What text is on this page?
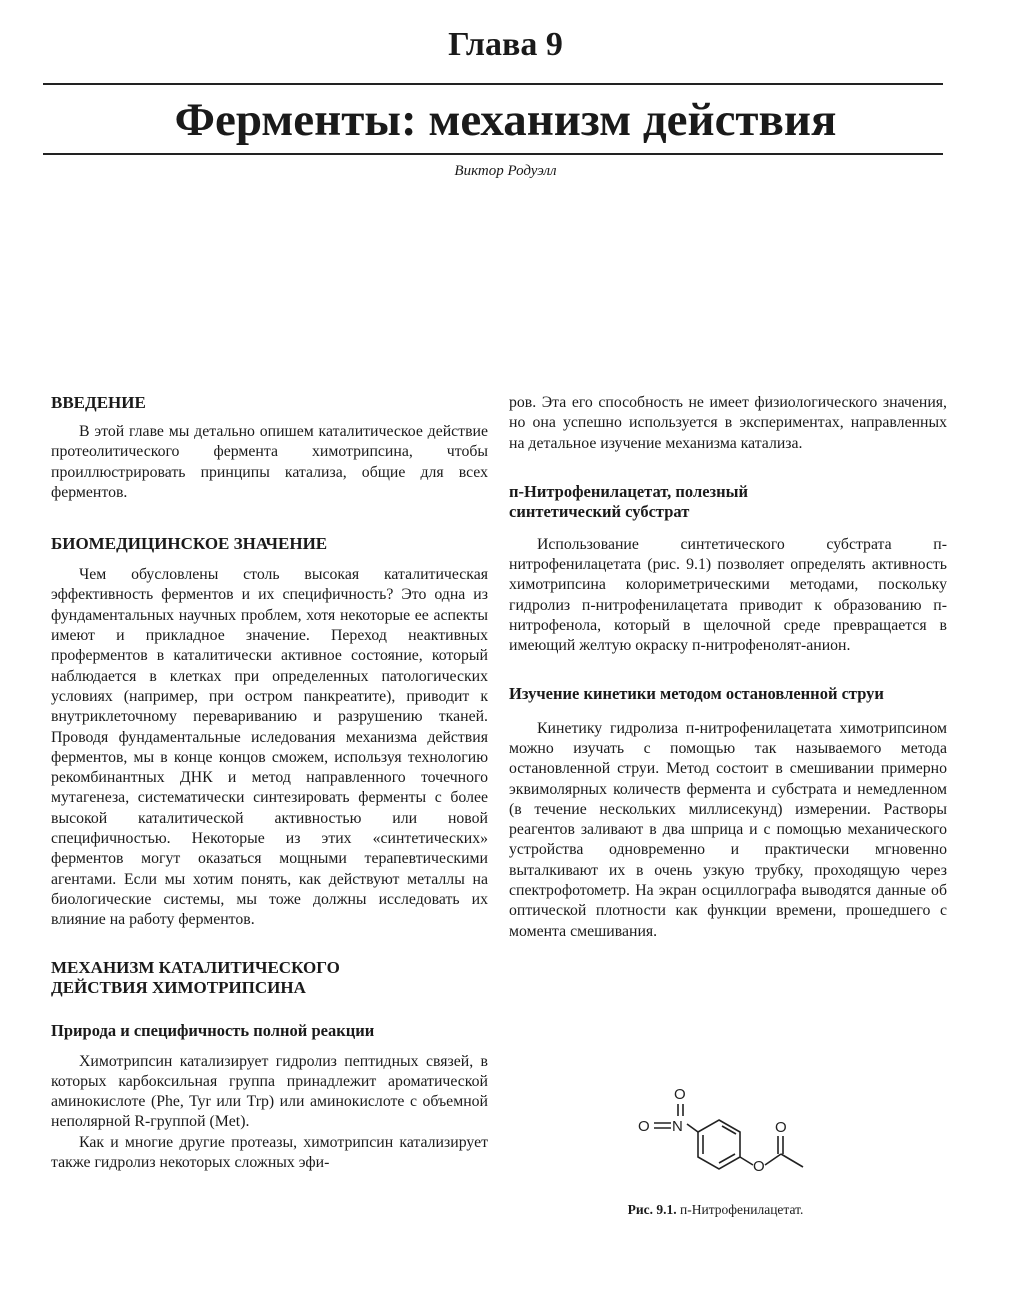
Глава 9
Ферменты: механизм действия
Виктор Родуэлл
ВВЕДЕНИЕ

В этой главе мы детально опишем каталитическое действие протеолитического фермента химотрипсина, чтобы проиллюстрировать принципы катализа, общие для всех ферментов.

БИОМЕДИЦИНСКОЕ ЗНАЧЕНИЕ

Чем обусловлены столь высокая каталитическая эффективность ферментов и их специфичность? Это одна из фундаментальных научных проблем, хотя некоторые ее аспекты имеют и прикладное значение. Переход неактивных проферментов в каталитически активное состояние, который наблюдается в клетках при определенных патологических условиях (например, при остром панкреатите), приводит к внутриклеточному перевариванию и разрушению тканей. Проводя фундаментальные иследования механизма действия ферментов, мы в конце концов сможем, используя технологию рекомбинантных ДНК и метод направленного точечного мутагенеза, систематически синтезировать ферменты с более высокой каталитической активностью или новой специфичностью. Некоторые из этих «синтетических» ферментов могут оказаться мощными терапевтическими агентами. Если мы хотим понять, как действуют металлы на биологические системы, мы тоже должны исследовать их влияние на работу ферментов.

МЕХАНИЗМ КАТАЛИТИЧЕСКОГО ДЕЙСТВИЯ ХИМОТРИПСИНА
Природа и специфичность полной реакции

Химотрипсин катализирует гидролиз пептидных связей, в которых карбоксильная группа принадлежит ароматической аминокислоте (Phe, Tyr или Trp) или аминокислоте с объемной неполярной R-группой (Met).

Как и многие другие протеазы, химотрипсин катализирует также гидролиз некоторых сложных эфи-

ров. Эта его способность не имеет физиологического значения, но она успешно используется в экспериментах, направленных на детальное изучение механизма катализа.

п-Нитрофенилацетат, полезный синтетический субстрат

Использование синтетического субстрата п-нитрофенилацетата (рис. 9.1) позволяет определять активность химотрипсина колориметрическими методами, поскольку гидролиз п-нитрофенилацетата приводит к образованию п-нитрофенола, который в щелочной среде превращается в имеющий желтую окраску п-нитрофенолят-анион.

Изучение кинетики методом остановленной струи

Кинетику гидролиза п-нитрофенилацетата химотрипсином можно изучать с помощью так называемого метода остановленной струи. Метод состоит в смешивании примерно эквимолярных количеств фермента и субстрата и немедленном (в течение нескольких миллисекунд) измерении. Растворы реагентов заливают в два шприца и с помощью механического устройства одновременно и практически мгновенно выталкивают их в очень узкую трубку, проходящую через спектрофотометр. На экран осциллографа выводятся данные об оптической плотности как функции времени, прошедшего с момента смешивания.

O
O N
O
O
Рис. 9.1. п-Нитрофенилацетат.
